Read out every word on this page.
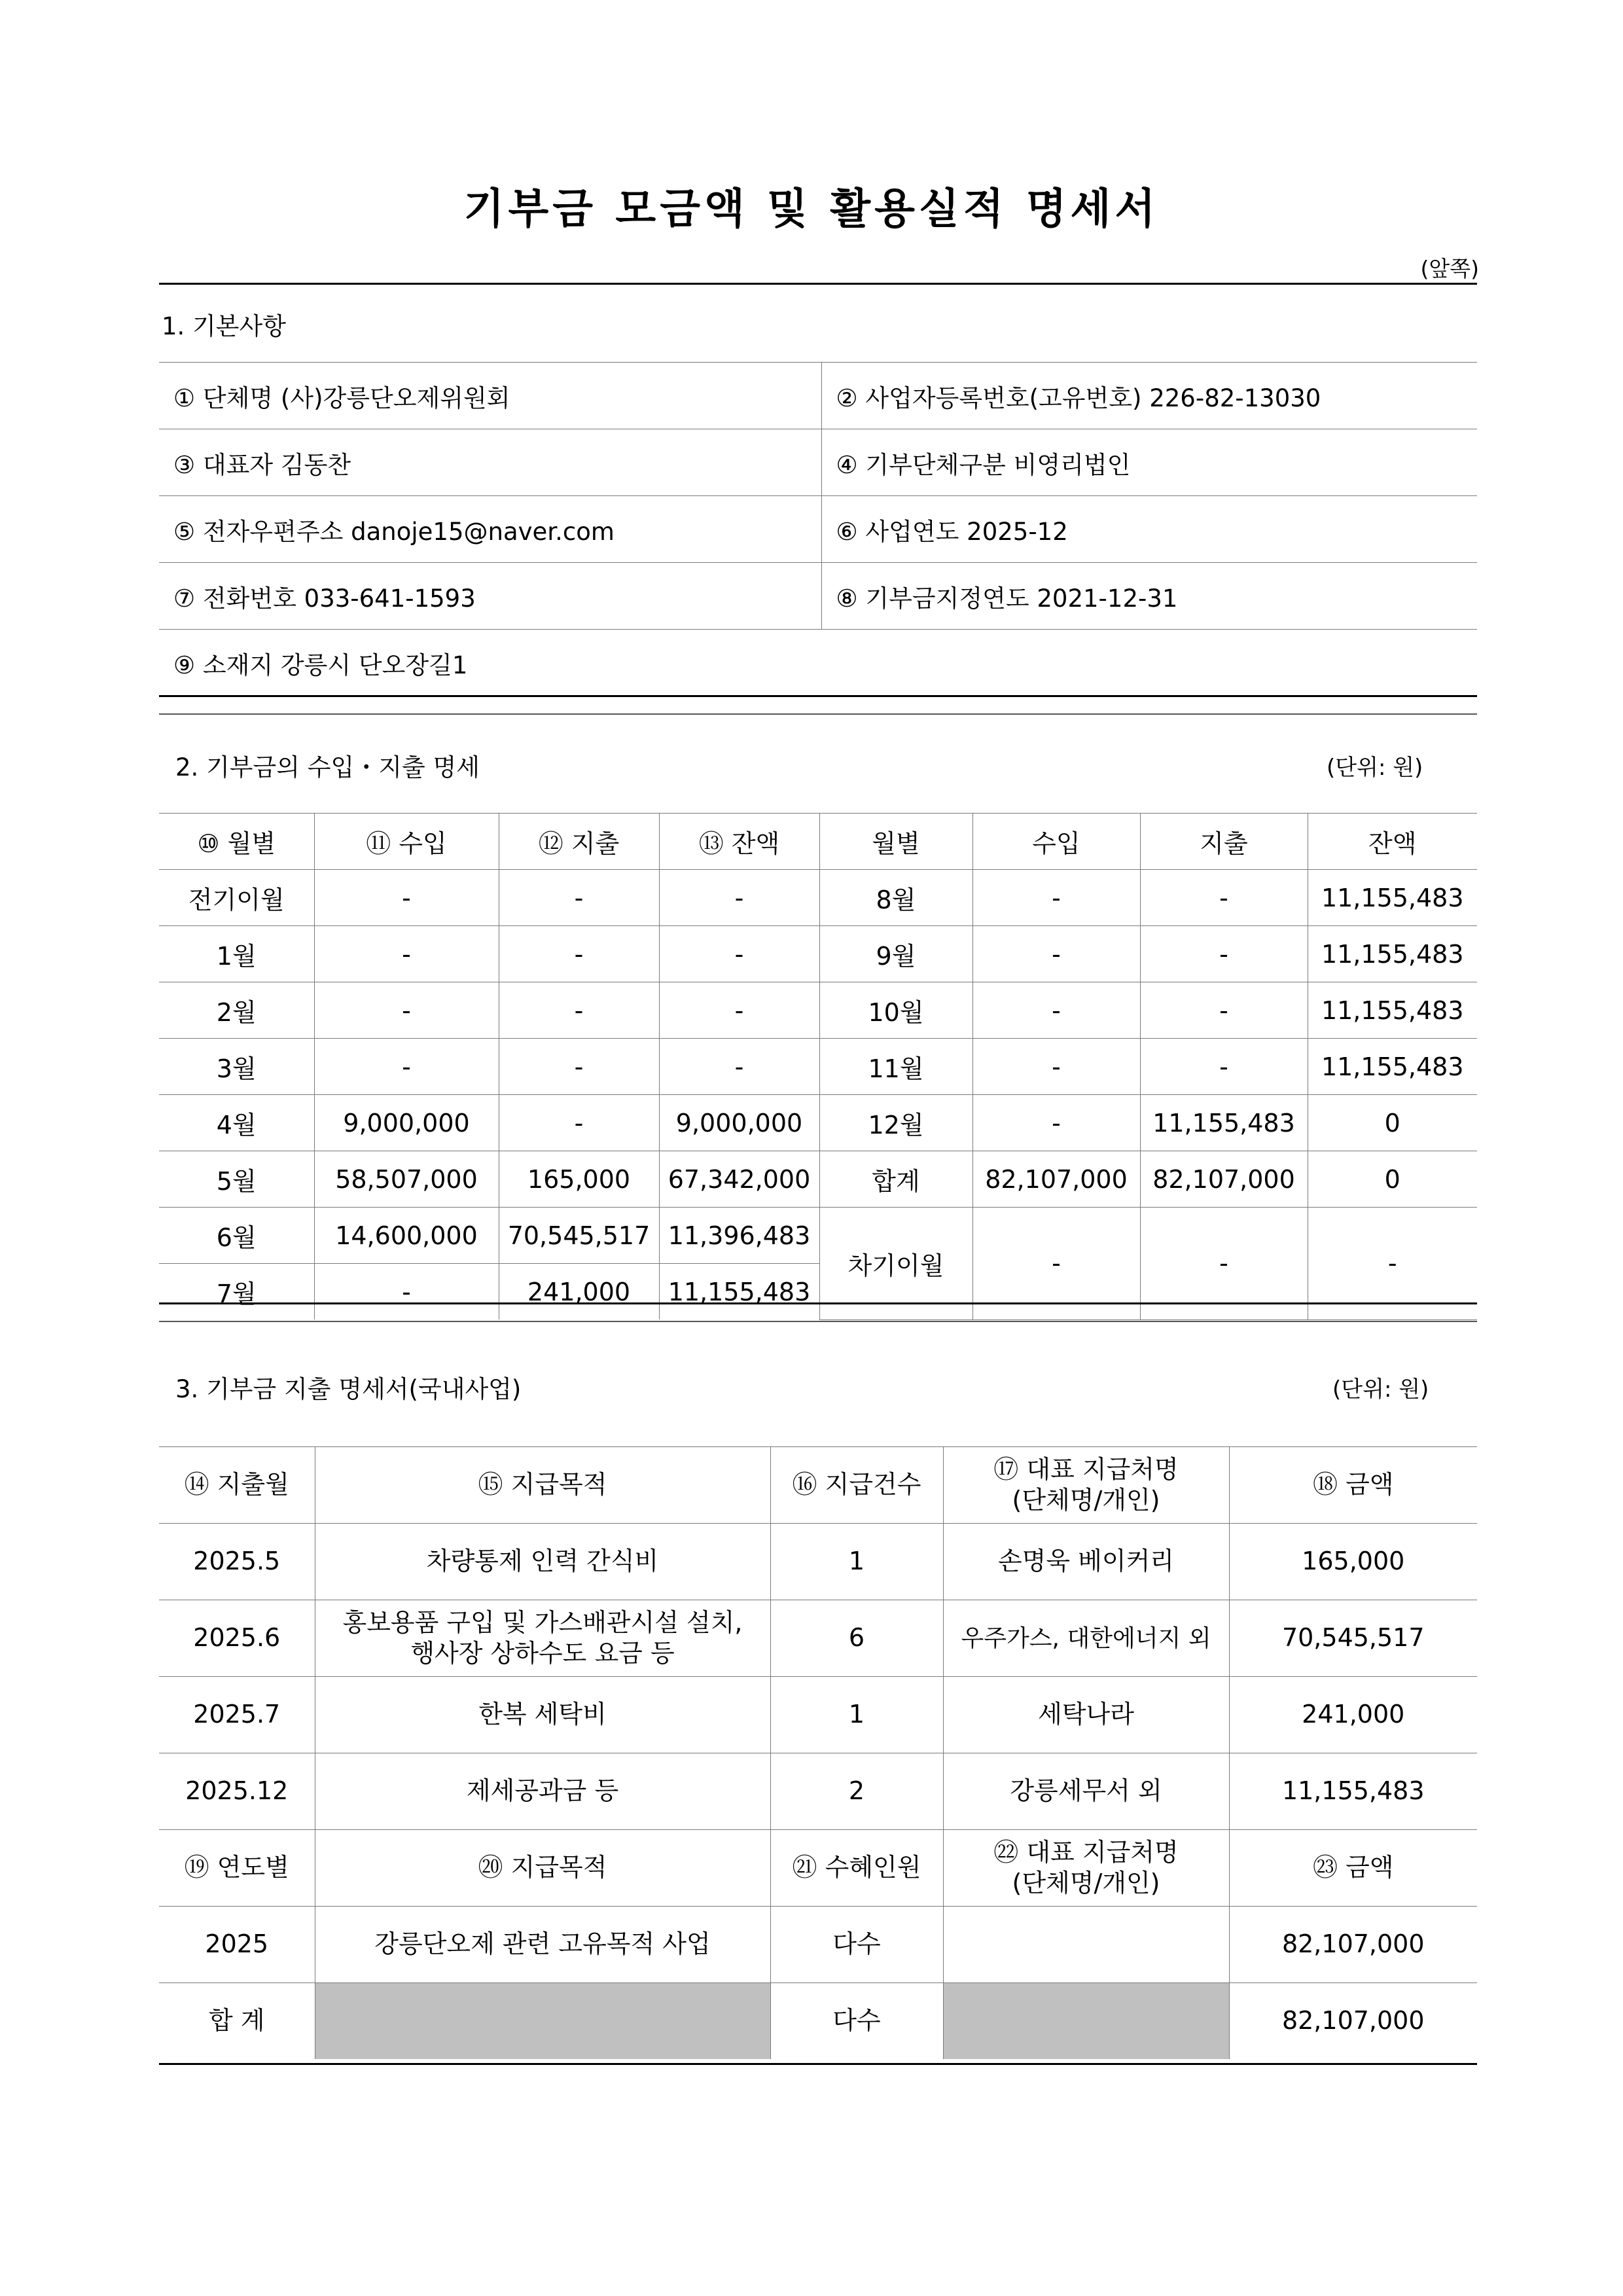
기부금 모금액 및 활용실적 명세서
(앞쪽)
1. 기본사항
① 단체명 (사)강릉단오제위원회	② 사업자등록번호(고유번호) 226-82-13030
③ 대표자 김동찬	④ 기부단체구분 비영리법인
⑤ 전자우편주소 danoje15@naver.com	⑥ 사업연도 2025-12
⑦ 전화번호 033-641-1593	⑧ 기부금지정연도 2021-12-31
⑨ 소재지 강릉시 단오장길1	
2. 기부금의 수입・지출 명세	(단위: 원)
⑩ 월별	⑪ 수입	⑫ 지출	⑬ 잔액	월별	수입	지출	잔액
전기이월	-	-	-	8월	-	-	11,155,483
1월	-	-	-	9월	-	-	11,155,483
2월	-	-	-	10월	-	-	11,155,483
3월	-	-	-	11월	-	-	11,155,483
4월	9,000,000	-	9,000,000	12월	-	11,155,483	0
5월	58,507,000	165,000	67,342,000	합계	82,107,000	82,107,000	0
6월	14,600,000	70,545,517	11,396,483	차기이월	-	-	-
7월	-	241,000	11,155,483				
3. 기부금 지출 명세서(국내사업)	(단위: 원)
⑭ 지출월	⑮ 지급목적	⑯ 지급건수	⑰ 대표 지급처명
(단체명/개인)	⑱ 금액
2025.5	차량통제 인력 간식비	1	손명욱 베이커리	165,000
2025.6	홍보용품 구입 및 가스배관시설 설치,
행사장 상하수도 요금 등	6	우주가스, 대한에너지 외	70,545,517
2025.7	한복 세탁비	1	세탁나라	241,000
2025.12	제세공과금 등	2	강릉세무서 외	11,155,483
⑲ 연도별	⑳ 지급목적	㉑ 수혜인원	㉒ 대표 지급처명
(단체명/개인)	㉓ 금액
2025	강릉단오제 관련 고유목적 사업	다수		82,107,000
합 계		다수		82,107,000
